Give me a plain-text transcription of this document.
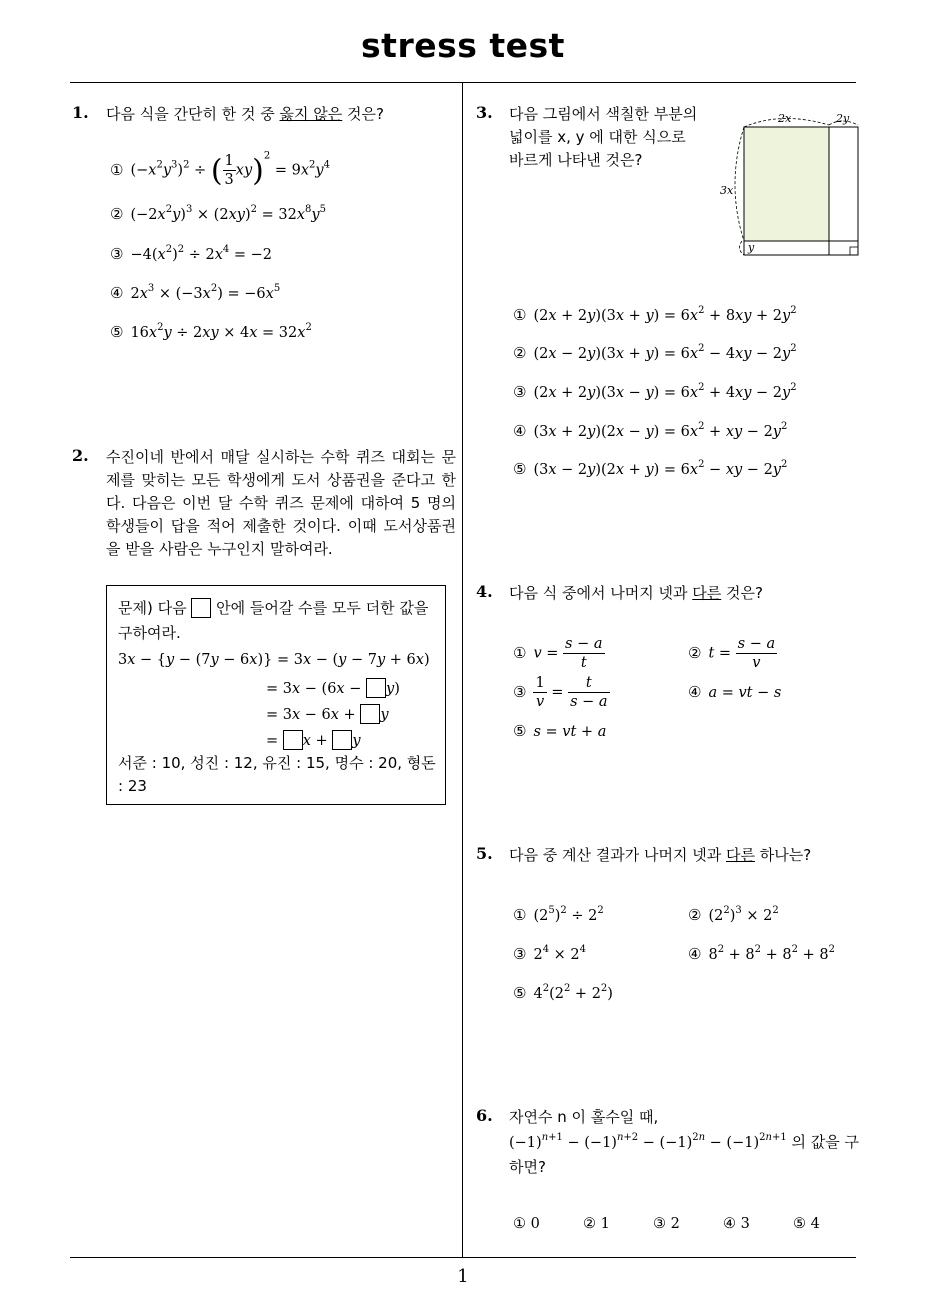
stress test
1
1. 다음 식을 간단히 한 것 중 옳지 않은 것은?
① $(-x^2y^3)^2$ ÷ ( $\frac{1}{3} xy)^2 = 9x^2y^4$
② $(-2x^2y)^3 \times (2xy)^2 = 32x^8y^5$
③ $-4(x^2)^2 \div 2x^4 = -2$
④ $2x^3 \times (-3x^2) = -6x^5$
⑤ $16x^2y \div 2xy \times 4x = 32x^2$
2. 수진이네 반에서 매달 실시하는 수학 퀴즈 대회는 문제를 맞히는 모든 학생에게 도서 상품권을 준다고 한다. 다음은 이번 달 수학 퀴즈 문제에 대하여 5 명의 학생들이 답을 적어 제출한 것이다. 이때 도서상품권을 받을 사람은 누구인지 말하여라.
문제) 다음 안에 들어갈 수를 모두 더한 값을
구하여라.
3x − {y − (7y − 6x)} = 3x − (y − 7y + 6x)
= 3x − (6x − y)
= 3x − 6x + y
= x + y
서준 : 10, 성진 : 12, 유진 : 15, 명수 : 20, 형돈 : 23
3. 다음 그림에서 색칠한 부분의 넓이를 x, y 에 대한 식으로 바르게 나타낸 것은?
2x	2y
3x
y
① $(2x + 2y)(3x + y) = 6x^2 + 8xy + 2y^2$
② $(2x - 2y)(3x + y) = 6x^2 - 4xy - 2y^2$
③ $(2x + 2y)(3x - y) = 6x^2 + 4xy - 2y^2$
④ $(3x + 2y)(2x - y) = 6x^2$ + xy − $2y^2$
⑤ $(3x - 2y)(2x + y) = 6x^2$ − xy − $2y^2$
4. 다음 식 중에서 나머지 넷과 다른 것은?
① $v = \frac{s - a}{t}$	② $t = \frac{s - a}{v}$
③ $\frac{1}{v} = \frac{t}{s - a}$	④ a = vt − s
⑤ s = vt + a
5. 다음 중 계산 결과가 나머지 넷과 다른 하나는?
① $(2^5)^2 \div 2^2$	② $(2^2)^3 \times 2^2$
③ $2^4 \times 2^4$	④ $8^2 + 8^2 + 8^2 + 8^2$
⑤ $4^2(2^2 + 2^2)$
6. 자연수 n 이 홀수일 때,
$(-1)^{n+1} - (-1)^{n+2} - (-1)^{2n} - (-1)^{2n+1}$ 의 값을 구
하면?
① 0	② 1	③ 2	④ 3	⑤ 4
